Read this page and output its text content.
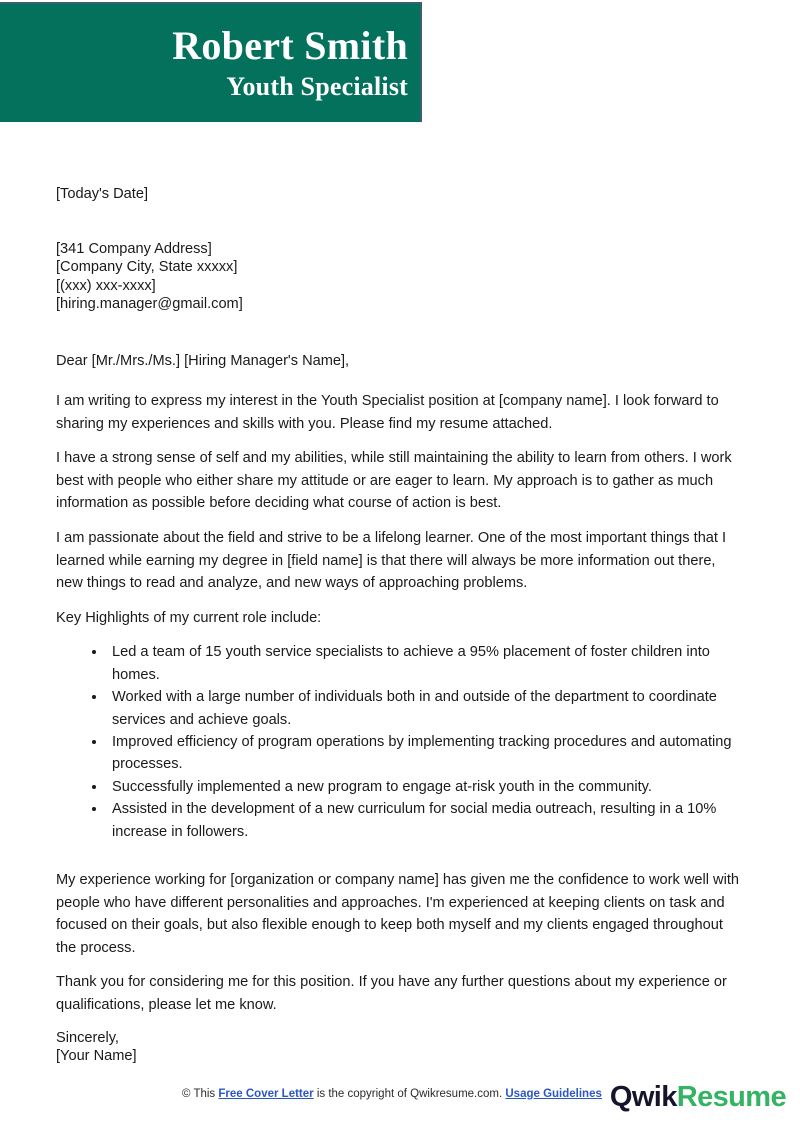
Robert Smith
Youth Specialist
[Today's Date]
[341 Company Address]
[Company City, State xxxxx]
[(xxx) xxx-xxxx]
[hiring.manager@gmail.com]

Dear [Mr./Mrs./Ms.] [Hiring Manager's Name],

I am writing to express my interest in the Youth Specialist position at [company name]. I look forward to sharing my experiences and skills with you. Please find my resume attached.

I have a strong sense of self and my abilities, while still maintaining the ability to learn from others. I work best with people who either share my attitude or are eager to learn. My approach is to gather as much information as possible before deciding what course of action is best.

I am passionate about the field and strive to be a lifelong learner. One of the most important things that I learned while earning my degree in [field name] is that there will always be more information out there, new things to read and analyze, and new ways of approaching problems.

Key Highlights of my current role include:

Led a team of 15 youth service specialists to achieve a 95% placement of foster children into homes.
Worked with a large number of individuals both in and outside of the department to coordinate services and achieve goals.
Improved efficiency of program operations by implementing tracking procedures and automating processes.
Successfully implemented a new program to engage at-risk youth in the community.
Assisted in the development of a new curriculum for social media outreach, resulting in a 10% increase in followers.

My experience working for [organization or company name] has given me the confidence to work well with people who have different personalities and approaches. I'm experienced at keeping clients on task and focused on their goals, but also flexible enough to keep both myself and my clients engaged throughout the process.

Thank you for considering me for this position. If you have any further questions about my experience or qualifications, please let me know.

Sincerely,
[Your Name]
© This Free Cover Letter is the copyright of Qwikresume.com. Usage Guidelines QwikResume
